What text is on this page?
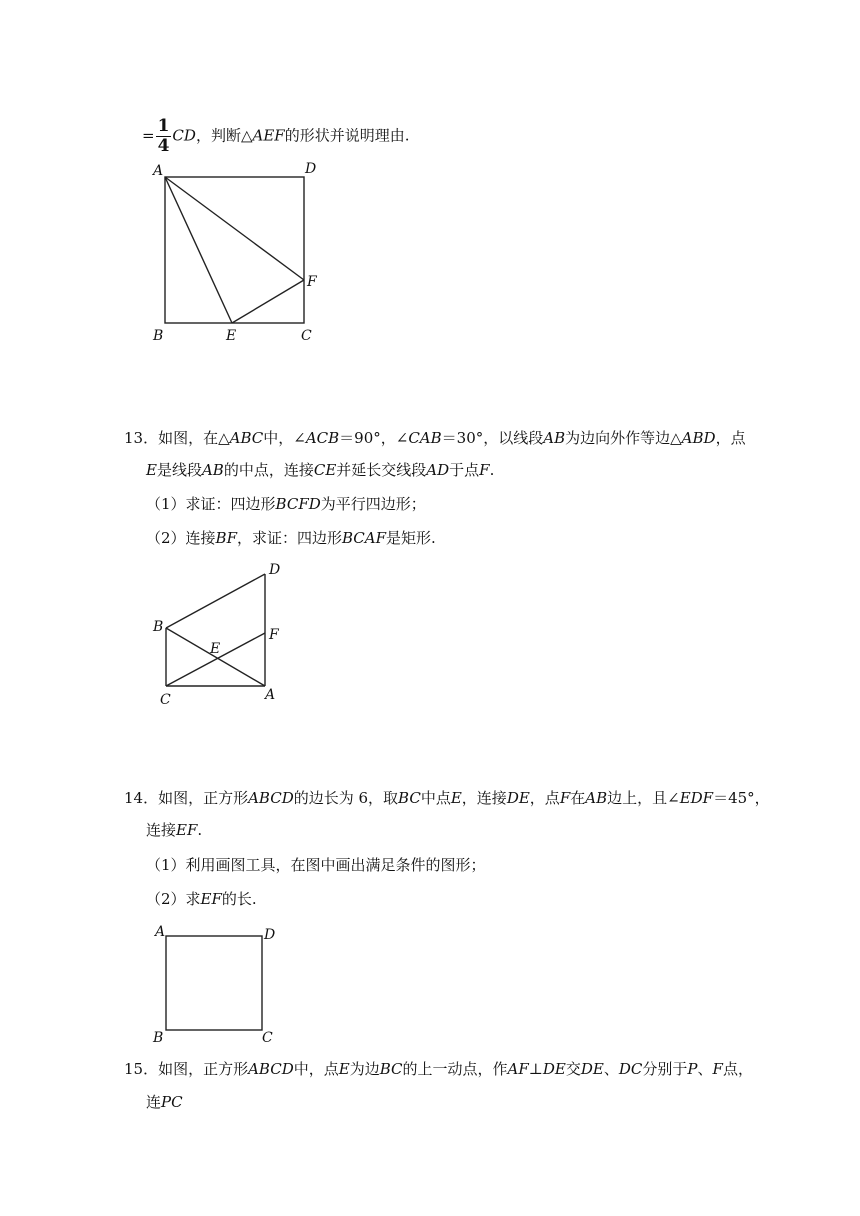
= $\frac{1}{4}$ CD，判断△AEF的形状并说明理由.
A	D
F
B	E	C
13．如图，在△ABC中，∠ACB＝90°，∠CAB＝30°，以线段AB为边向外作等边△ABD，点
E是线段AB的中点，连接CE并延长交线段AD于点F.
（1）求证：四边形BCFD为平行四边形；
（2）连接BF，求证：四边形BCAF是矩形.
D
B	F
E
C	A
14．如图，正方形ABCD的边长为 6，取BC中点E，连接DE，点F在AB边上，且∠EDF＝45°，
连接EF.
（1）利用画图工具，在图中画出满足条件的图形；
（2）求EF的长.
A	D
B	C
15．如图，正方形ABCD中，点E为边BC的上一动点，作AF⊥DE交DE、DC分别于P、F点，
连PC
